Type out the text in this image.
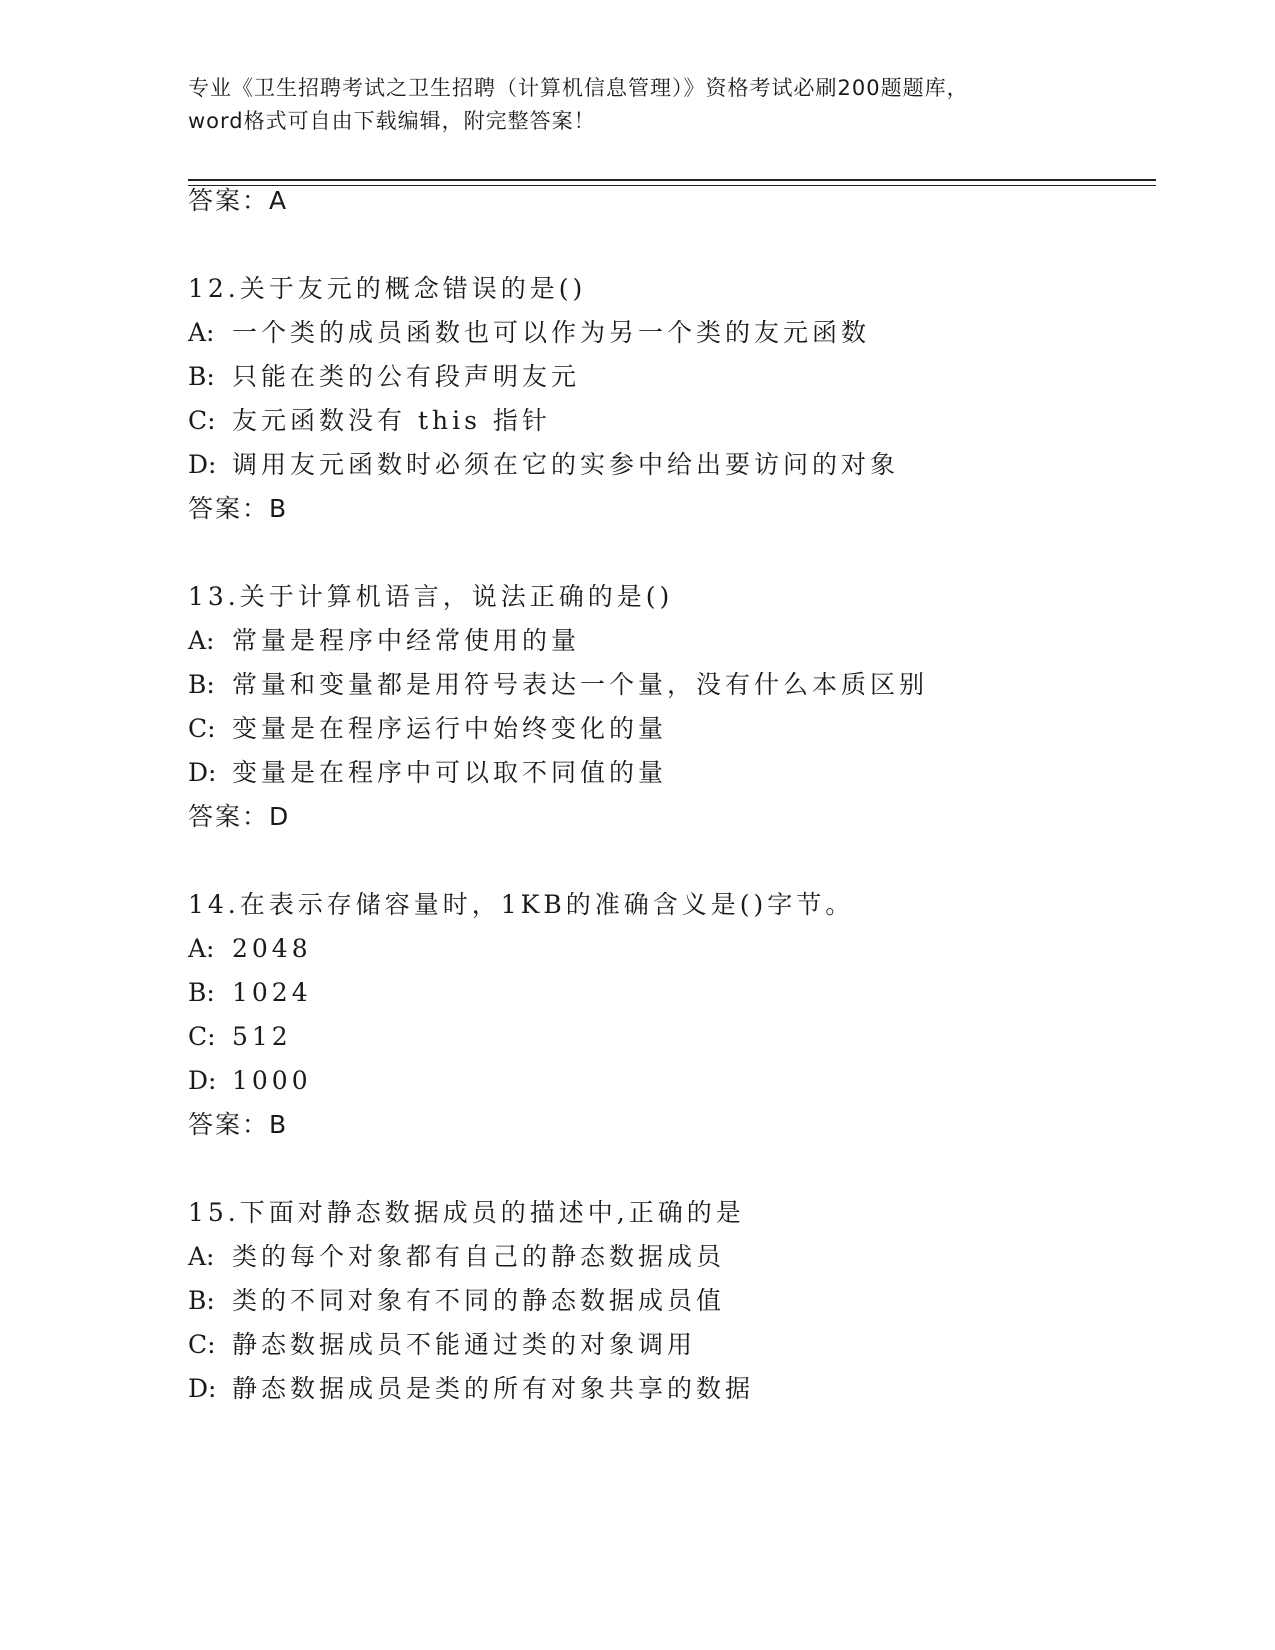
专业《卫生招聘考试之卫生招聘（计算机信息管理）》资格考试必刷200题题库，
word格式可自由下载编辑，附完整答案！
答案：A
12.关于友元的概念错误的是()
A: 一个类的成员函数也可以作为另一个类的友元函数
B: 只能在类的公有段声明友元
C: 友元函数没有 this 指针
D: 调用友元函数时必须在它的实参中给出要访问的对象
答案：B
13.关于计算机语言，说法正确的是()
A: 常量是程序中经常使用的量
B: 常量和变量都是用符号表达一个量，没有什么本质区别
C: 变量是在程序运行中始终变化的量
D: 变量是在程序中可以取不同值的量
答案：D
14.在表示存储容量时，1KB的准确含义是()字节。
A: 2048
B: 1024
C: 512
D: 1000
答案：B
15.下面对静态数据成员的描述中,正确的是
A: 类的每个对象都有自己的静态数据成员
B: 类的不同对象有不同的静态数据成员值
C: 静态数据成员不能通过类的对象调用
D: 静态数据成员是类的所有对象共享的数据
